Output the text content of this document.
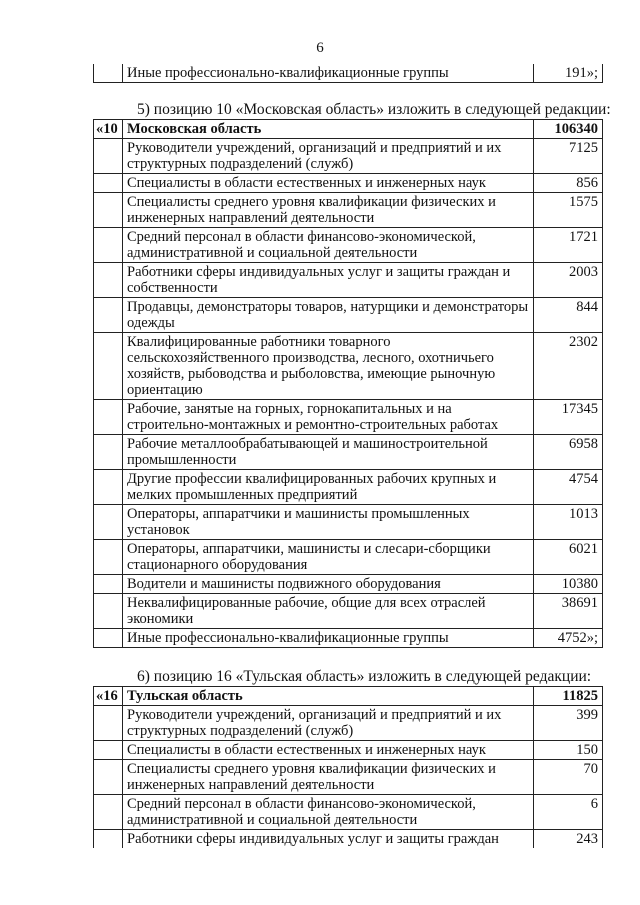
6
	Иные профессионально-квалификационные группы	191»;
5) позицию 10 «Московская область» изложить в следующей редакции:
«10	Московская область	106340
	Руководители учреждений, организаций и предприятий и их структурных подразделений (служб)	7125
	Специалисты в области естественных и инженерных наук	856
	Специалисты среднего уровня квалификации физических и инженерных направлений деятельности	1575
	Средний персонал в области финансово-экономической, административной и социальной деятельности	1721
	Работники сферы индивидуальных услуг и защиты граждан и собственности	2003
	Продавцы, демонстраторы товаров, натурщики и демонстраторы одежды	844
	Квалифицированные работники товарного сельскохозяйственного производства, лесного, охотничьего хозяйств, рыбоводства и рыболовства, имеющие рыночную ориентацию	2302
	Рабочие, занятые на горных, горнокапитальных и на строительно-монтажных и ремонтно-строительных работах	17345
	Рабочие металлообрабатывающей и машиностроительной промышленности	6958
	Другие профессии квалифицированных рабочих крупных и мелких промышленных предприятий	4754
	Операторы, аппаратчики и машинисты промышленных установок	1013
	Операторы, аппаратчики, машинисты и слесари-сборщики стационарного оборудования	6021
	Водители и машинисты подвижного оборудования	10380
	Неквалифицированные рабочие, общие для всех отраслей экономики	38691
	Иные профессионально-квалификационные группы	4752»;
6) позицию 16 «Тульская область» изложить в следующей редакции:
«16	Тульская область	11825
	Руководители учреждений, организаций и предприятий и их структурных подразделений (служб)	399
	Специалисты в области естественных и инженерных наук	150
	Специалисты среднего уровня квалификации физических и инженерных направлений деятельности	70
	Средний персонал в области финансово-экономической, административной и социальной деятельности	6
	Работники сферы индивидуальных услуг и защиты граждан	243
